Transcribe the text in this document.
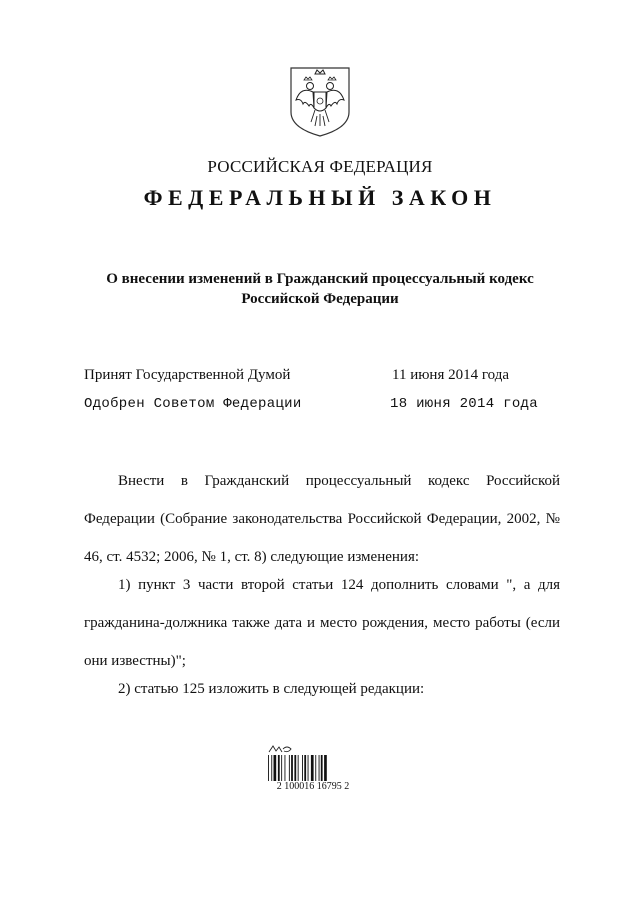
РОССИЙСКАЯ ФЕДЕРАЦИЯ
ФЕДЕРАЛЬНЫЙ ЗАКОН
О внесении изменений в Гражданский процессуальный кодекс
Российской Федерации
Принят Государственной Думой	11 июня 2014 года
Одобрен Советом Федерации	18 июня 2014 года
Внести в Гражданский процессуальный кодекс Российской Федерации (Собрание законодательства Российской Федерации, 2002, № 46, ст. 4532; 2006, № 1, ст. 8) следующие изменения:
1) пункт 3 части второй статьи 124 дополнить словами ", а для гражданина-должника также дата и место рождения, место работы (если они известны)";
2) статью 125 изложить в следующей редакции:
2 100016 16795 2
